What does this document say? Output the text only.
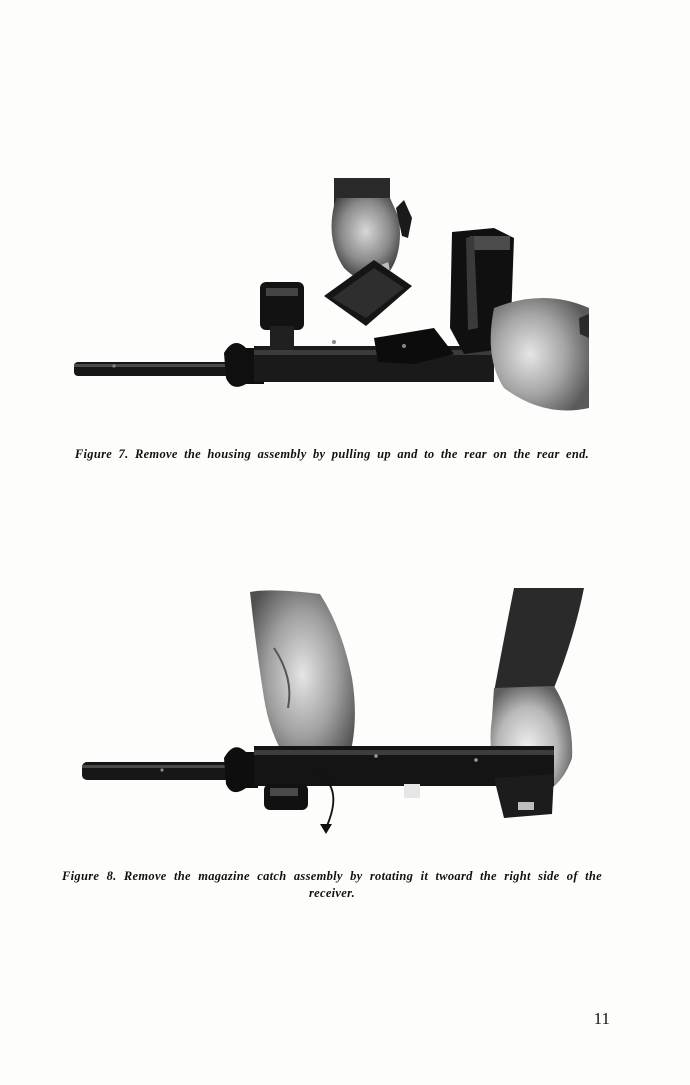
Figure 7. Remove the housing assembly by pulling up and to the rear on the rear end.
Figure 8. Remove the magazine catch assembly by rotating it twoard the right side of the receiver.
11
